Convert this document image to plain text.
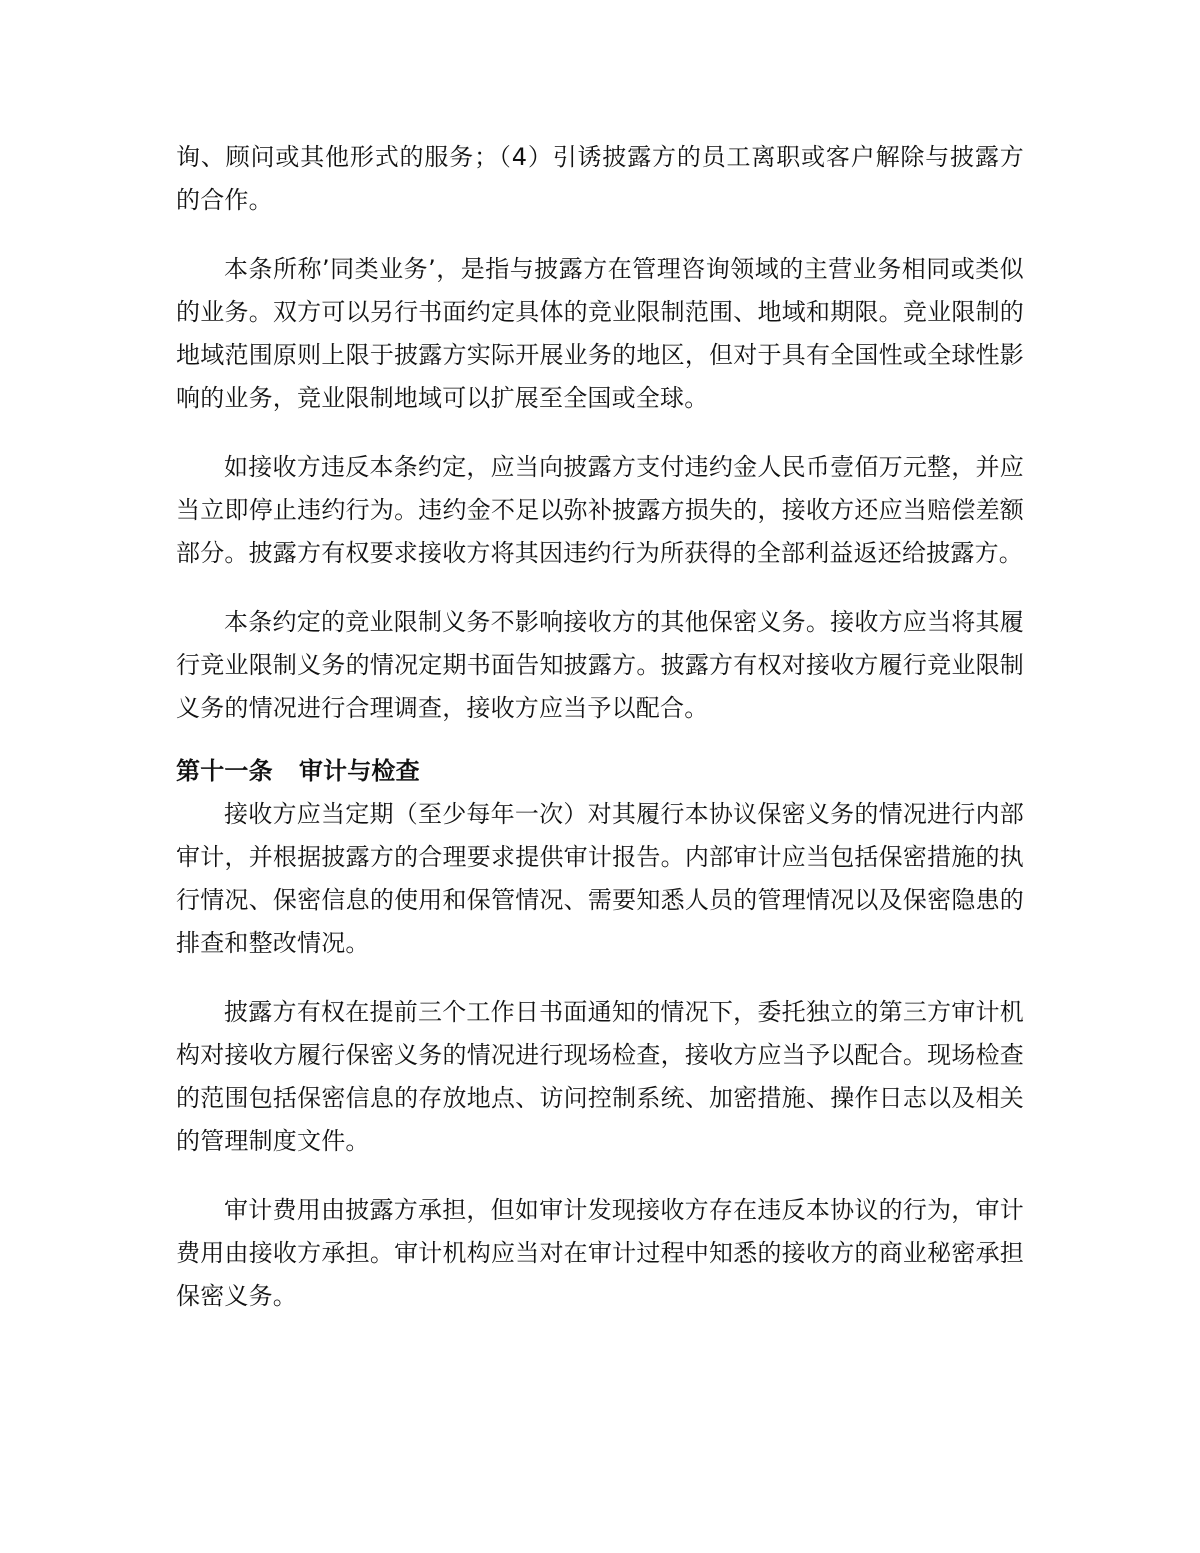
询、顾问或其他形式的服务；（4）引诱披露方的员工离职或客户解除与披露方的合作。

本条所称’同类业务’，是指与披露方在管理咨询领域的主营业务相同或类似的业务。双方可以另行书面约定具体的竞业限制范围、地域和期限。竞业限制的地域范围原则上限于披露方实际开展业务的地区，但对于具有全国性或全球性影响的业务，竞业限制地域可以扩展至全国或全球。

如接收方违反本条约定，应当向披露方支付违约金人民币壹佰万元整，并应当立即停止违约行为。违约金不足以弥补披露方损失的，接收方还应当赔偿差额部分。披露方有权要求接收方将其因违约行为所获得的全部利益返还给披露方。

本条约定的竞业限制义务不影响接收方的其他保密义务。接收方应当将其履行竞业限制义务的情况定期书面告知披露方。披露方有权对接收方履行竞业限制义务的情况进行合理调查，接收方应当予以配合。

第十一条 审计与检查

接收方应当定期（至少每年一次）对其履行本协议保密义务的情况进行内部审计，并根据披露方的合理要求提供审计报告。内部审计应当包括保密措施的执行情况、保密信息的使用和保管情况、需要知悉人员的管理情况以及保密隐患的排查和整改情况。

披露方有权在提前三个工作日书面通知的情况下，委托独立的第三方审计机构对接收方履行保密义务的情况进行现场检查，接收方应当予以配合。现场检查的范围包括保密信息的存放地点、访问控制系统、加密措施、操作日志以及相关的管理制度文件。

审计费用由披露方承担，但如审计发现接收方存在违反本协议的行为，审计费用由接收方承担。审计机构应当对在审计过程中知悉的接收方的商业秘密承担保密义务。
